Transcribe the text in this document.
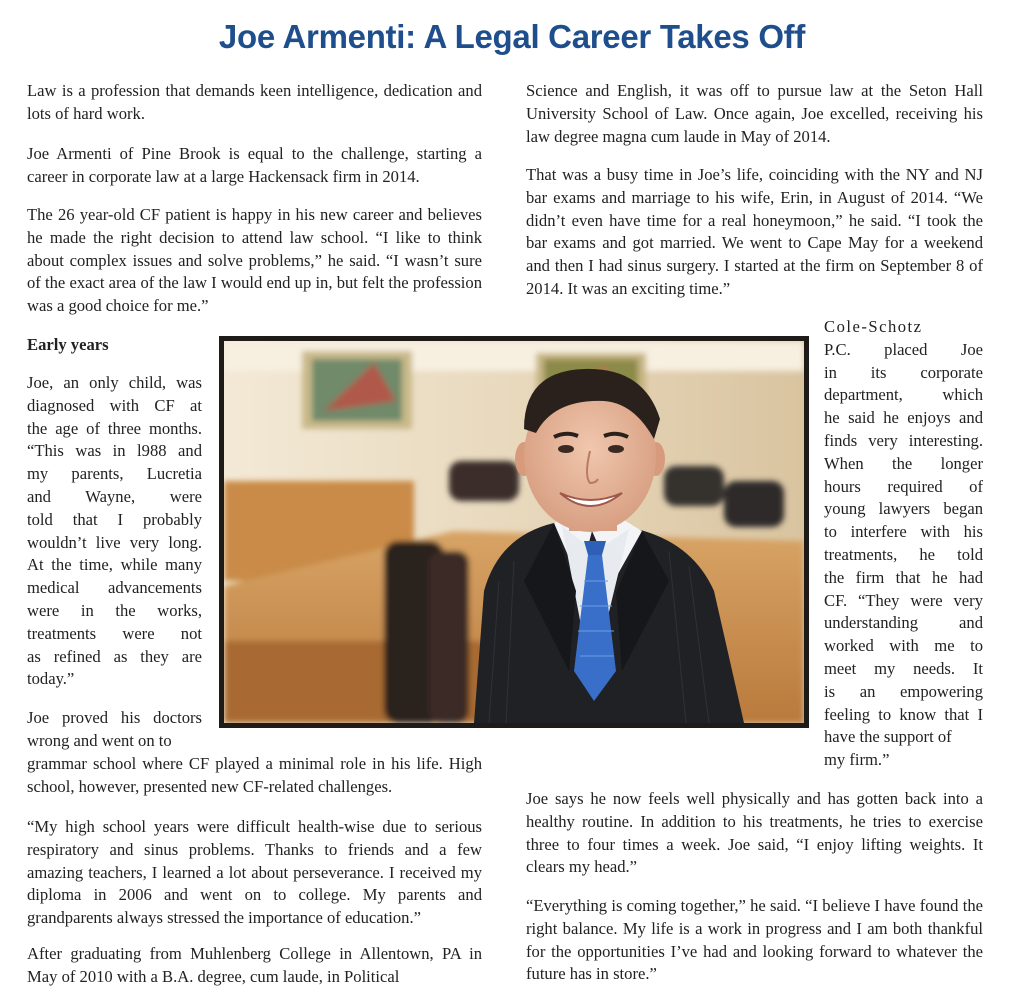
Joe Armenti: A Legal Career Takes Off

Law is a profession that demands keen intelligence, dedication and lots of hard work.

Joe Armenti of Pine Brook is equal to the challenge, starting a career in corporate law at a large Hackensack firm in 2014.

The 26 year-old CF patient is happy in his new career and believes he made the right decision to attend law school. “I like to think about complex issues and solve problems,” he said. “I wasn’t sure of the exact area of the law I would end up in, but felt the profession was a good choice for me.”

Early years

Joe, an only child, was
diagnosed with CF at
the age of three months.
“This was in l988 and
my parents, Lucretia
and Wayne, were
told that I probably
wouldn’t live very long.
At the time, while many
medical advancements
were in the works,
treatments were not
as refined as they are
today.”
Joe proved his doctors
wrong and went on to

grammar school where CF played a minimal role in his life. High school, however, presented new CF-related challenges.

“My high school years were difficult health-wise due to serious respiratory and sinus problems. Thanks to friends and a few amazing teachers, I learned a lot about perseverance. I received my diploma in 2006 and went on to college. My parents and grandparents always stressed the importance of education.”

After graduating from Muhlenberg College in Allentown, PA in May of 2010 with a B.A. degree, cum laude, in Political

Science and English, it was off to pursue law at the Seton Hall University School of Law. Once again, Joe excelled, receiving his law degree magna cum laude in May of 2014.

That was a busy time in Joe’s life, coinciding with the NY and NJ bar exams and marriage to his wife, Erin, in August of 2014. “We didn’t even have time for a real honeymoon,” he said. “I took the bar exams and got married. We went to Cape May for a weekend and then I had sinus surgery. I started at the firm on September 8 of 2014. It was an exciting time.”

Cole-Schotz
P.C. placed Joe
in its corporate
department, which
he said he enjoys and
finds very interesting.
When the longer
hours required of
young lawyers began
to interfere with his
treatments, he told
the firm that he had
CF. “They were very
understanding and
worked with me to
meet my needs. It
is an empowering
feeling to know that I
have the support of
my firm.”

Joe says he now feels well physically and has gotten back into a healthy routine. In addition to his treatments, he tries to exercise three to four times a week. Joe said, “I enjoy lifting weights. It clears my head.”

“Everything is coming together,” he said. “I believe I have found the right balance. My life is a work in progress and I am both thankful for the opportunities I’ve had and looking forward to whatever the future has in store.”
